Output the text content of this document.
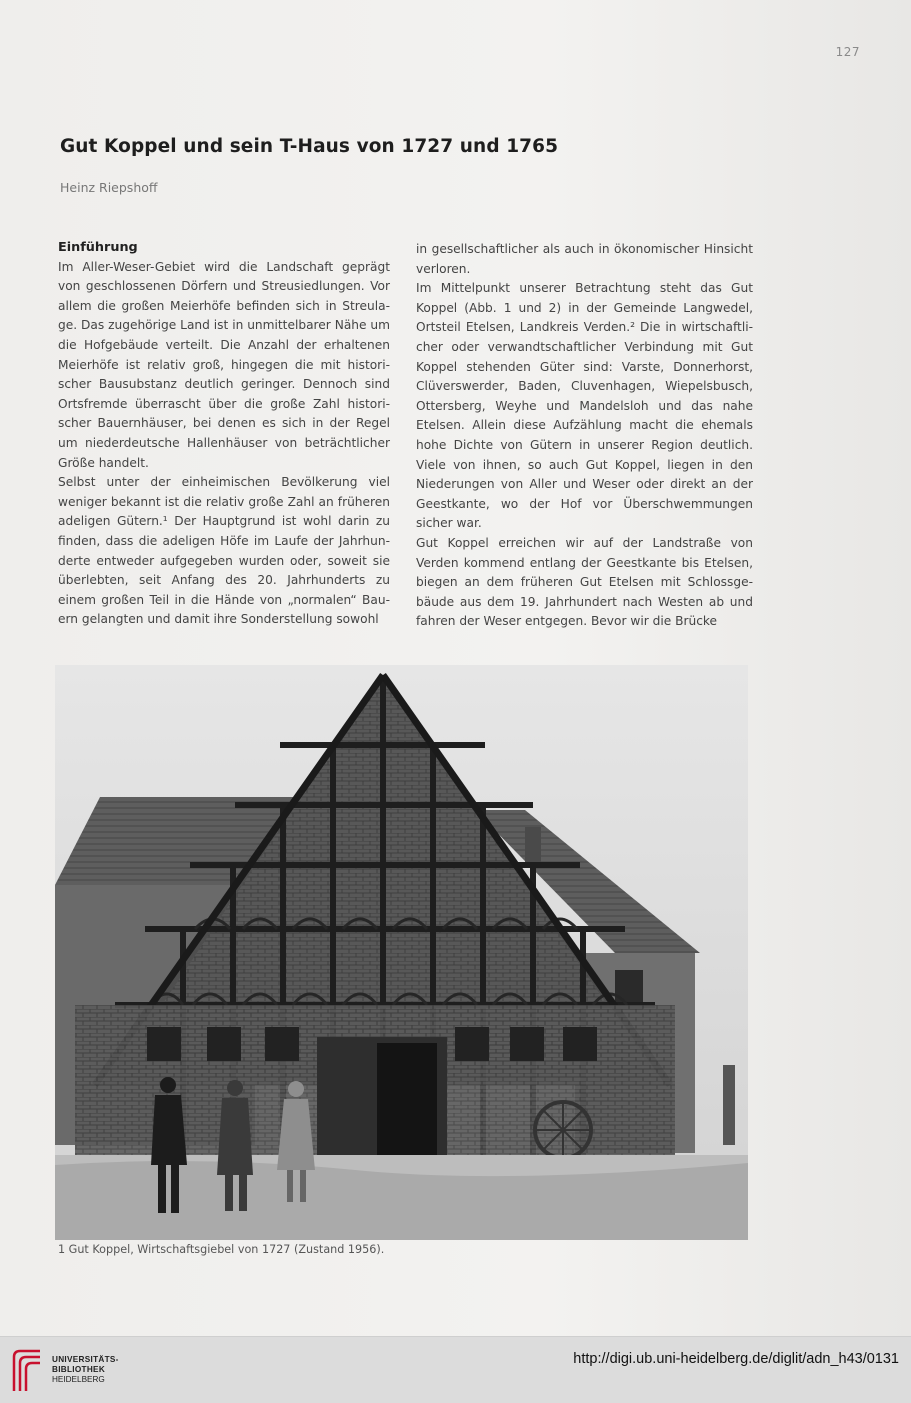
127
Gut Koppel und sein T-Haus von 1727 und 1765
Heinz Riepshoff

Einführung

Im Aller-Weser-Gebiet wird die Landschaft geprägt von geschlossenen Dörfern und Streusiedlungen. Vor allem die großen Meierhöfe befinden sich in Streulage. Das zugehörige Land ist in unmittelbarer Nähe um die Hofgebäude verteilt. Die Anzahl der erhaltenen Meierhöfe ist relativ groß, hingegen die mit historischer Bausubstanz deutlich geringer. Dennoch sind Ortsfremde überrascht über die große Zahl historischer Bauernhäuser, bei denen es sich in der Regel um niederdeutsche Hallenhäuser von beträchtlicher Größe handelt.

Selbst unter der einheimischen Bevölkerung viel weniger bekannt ist die relativ große Zahl an früheren adeligen Gütern.¹ Der Hauptgrund ist wohl darin zu finden, dass die adeligen Höfe im Laufe der Jahrhunderte entweder aufgegeben wurden oder, soweit sie überlebten, seit Anfang des 20. Jahrhunderts zu einem großen Teil in die Hände von „normalen“ Bauern gelangten und damit ihre Sonderstellung sowohl

in gesellschaftlicher als auch in ökonomischer Hinsicht verloren.

Im Mittelpunkt unserer Betrachtung steht das Gut Koppel (Abb. 1 und 2) in der Gemeinde Langwedel, Ortsteil Etelsen, Landkreis Verden.² Die in wirtschaftlicher oder verwandtschaftlicher Verbindung mit Gut Koppel stehenden Güter sind: Varste, Donnerhorst, Clüverswerder, Baden, Cluvenhagen, Wiepelsbusch, Ottersberg, Weyhe und Mandelsloh und das nahe Etelsen. Allein diese Aufzählung macht die ehemals hohe Dichte von Gütern in unserer Region deutlich. Viele von ihnen, so auch Gut Koppel, liegen in den Niederungen von Aller und Weser oder direkt an der Geestkante, wo der Hof vor Überschwemmungen sicher war.

Gut Koppel erreichen wir auf der Landstraße von Verden kommend entlang der Geestkante bis Etelsen, biegen an dem früheren Gut Etelsen mit Schlossgebäude aus dem 19. Jahrhundert nach Westen ab und fahren der Weser entgegen. Bevor wir die Brücke

1 Gut Koppel, Wirtschaftsgiebel von 1727 (Zustand 1956).
UNIVERSITÄTS-
BIBLIOTHEK
HEIDELBERG
http://digi.ub.uni-heidelberg.de/diglit/adn_h43/0131
